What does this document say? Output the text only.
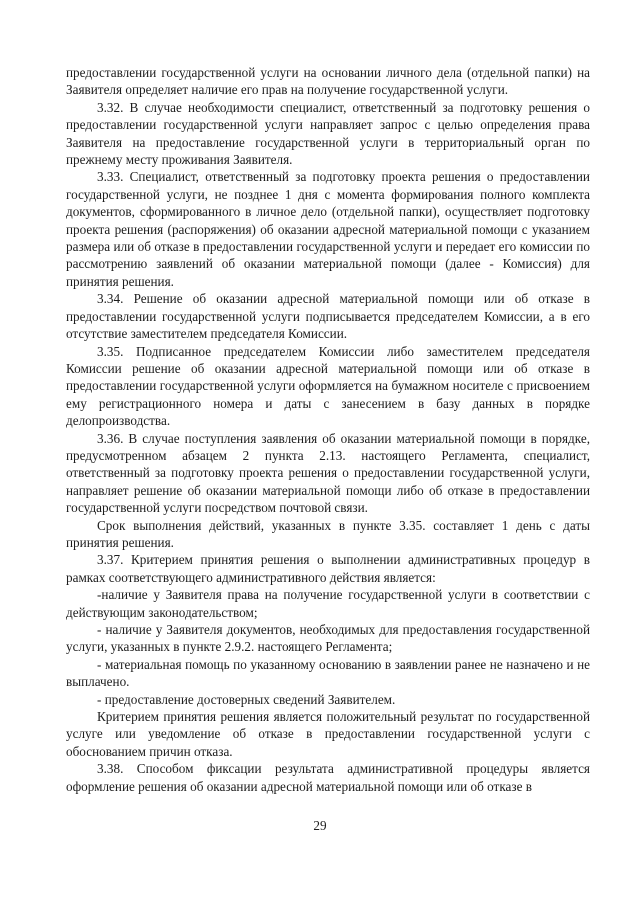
предоставлении государственной услуги на основании личного дела (отдельной папки) на Заявителя определяет наличие его прав на получение государственной услуги.

3.32. В случае необходимости специалист, ответственный за подготовку решения о предоставлении государственной услуги направляет запрос с целью определения права Заявителя на предоставление государственной услуги в территориальный орган по прежнему месту проживания Заявителя.

3.33. Специалист, ответственный за подготовку проекта решения о предоставлении государственной услуги, не позднее 1 дня с момента формирования полного комплекта документов, сформированного в личное дело (отдельной папки), осуществляет подготовку проекта решения (распоряжения) об оказании адресной материальной помощи с указанием размера или об отказе в предоставлении государственной услуги и передает его комиссии по рассмотрению заявлений об оказании материальной помощи (далее - Комиссия) для принятия решения.

3.34. Решение об оказании адресной материальной помощи или об отказе в предоставлении государственной услуги подписывается председателем Комиссии, а в его отсутствие заместителем председателя Комиссии.

3.35. Подписанное председателем Комиссии либо заместителем председателя Комиссии решение об оказании адресной материальной помощи или об отказе в предоставлении государственной услуги оформляется на бумажном носителе с присвоением ему регистрационного номера и даты с занесением в базу данных в порядке делопроизводства.

3.36. В случае поступления заявления об оказании материальной помощи в порядке, предусмотренном абзацем 2 пункта 2.13. настоящего Регламента, специалист, ответственный за подготовку проекта решения о предоставлении государственной услуги, направляет решение об оказании материальной помощи либо об отказе в предоставлении государственной услуги посредством почтовой связи.

Срок выполнения действий, указанных в пункте 3.35. составляет 1 день с даты принятия решения.

3.37. Критерием принятия решения о выполнении административных процедур в рамках соответствующего административного действия является:

-наличие у Заявителя права на получение государственной услуги в соответствии с действующим законодательством;

- наличие у Заявителя документов, необходимых для предоставления государственной услуги, указанных в пункте 2.9.2. настоящего Регламента;

- материальная помощь по указанному основанию в заявлении ранее не назначено и не выплачено.

- предоставление достоверных сведений Заявителем.

Критерием принятия решения является положительный результат по государственной услуге или уведомление об отказе в предоставлении государственной услуги с обоснованием причин отказа.

3.38. Способом фиксации результата административной процедуры является оформление решения об оказании адресной материальной помощи или об отказе в

29
